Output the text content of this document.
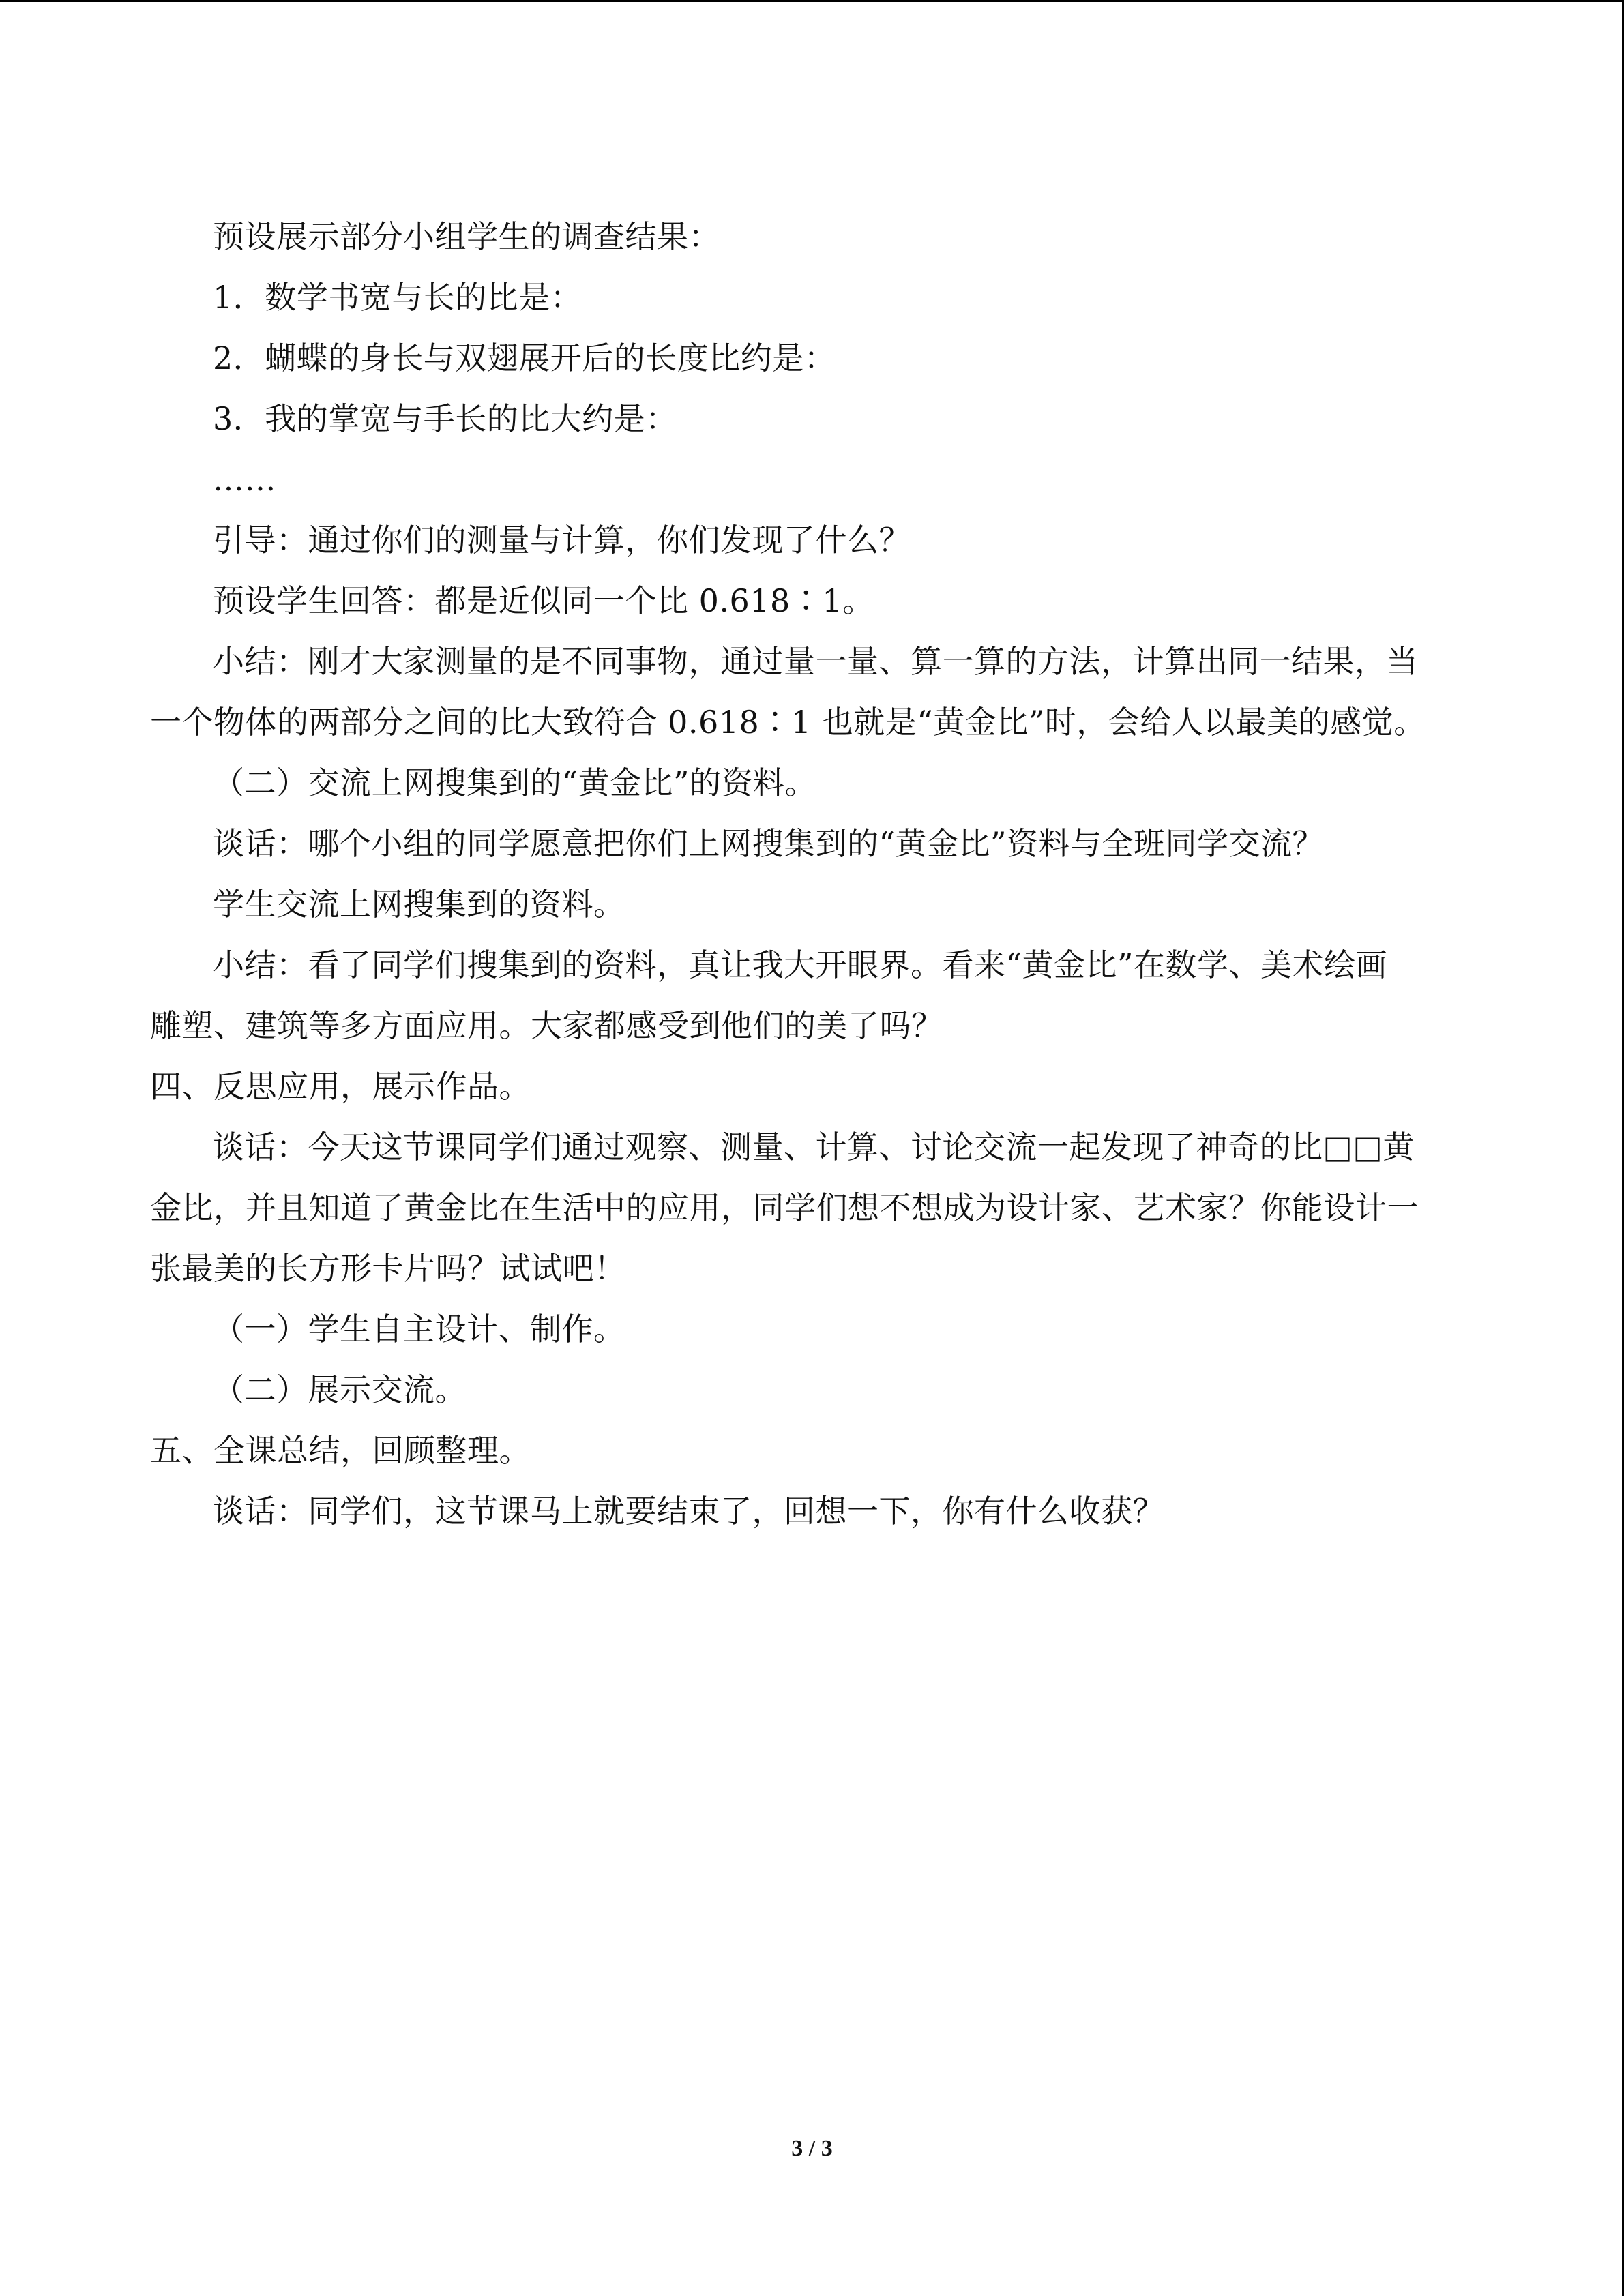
预设展示部分小组学生的调查结果：
1．数学书宽与长的比是：
2．蝴蝶的身长与双翅展开后的长度比约是：
3．我的掌宽与手长的比大约是：
……
引导：通过你们的测量与计算，你们发现了什么？
预设学生回答：都是近似同一个比 0.618∶1。
小结：刚才大家测量的是不同事物，通过量一量、算一算的方法，计算出同一结果，当
一个物体的两部分之间的比大致符合 0.618∶1 也就是“黄金比”时，会给人以最美的感觉。
（二）交流上网搜集到的“黄金比”的资料。
谈话：哪个小组的同学愿意把你们上网搜集到的“黄金比”资料与全班同学交流？
学生交流上网搜集到的资料。
小结：看了同学们搜集到的资料，真让我大开眼界。看来“黄金比”在数学、美术绘画
雕塑、建筑等多方面应用。大家都感受到他们的美了吗？
四、反思应用，展示作品。
谈话：今天这节课同学们通过观察、测量、计算、讨论交流一起发现了神奇的比□□黄
金比，并且知道了黄金比在生活中的应用，同学们想不想成为设计家、艺术家？你能设计一
张最美的长方形卡片吗？试试吧！
（一）学生自主设计、制作。
（二）展示交流。
五、全课总结，回顾整理。
谈话：同学们，这节课马上就要结束了，回想一下，你有什么收获？
3 / 3
